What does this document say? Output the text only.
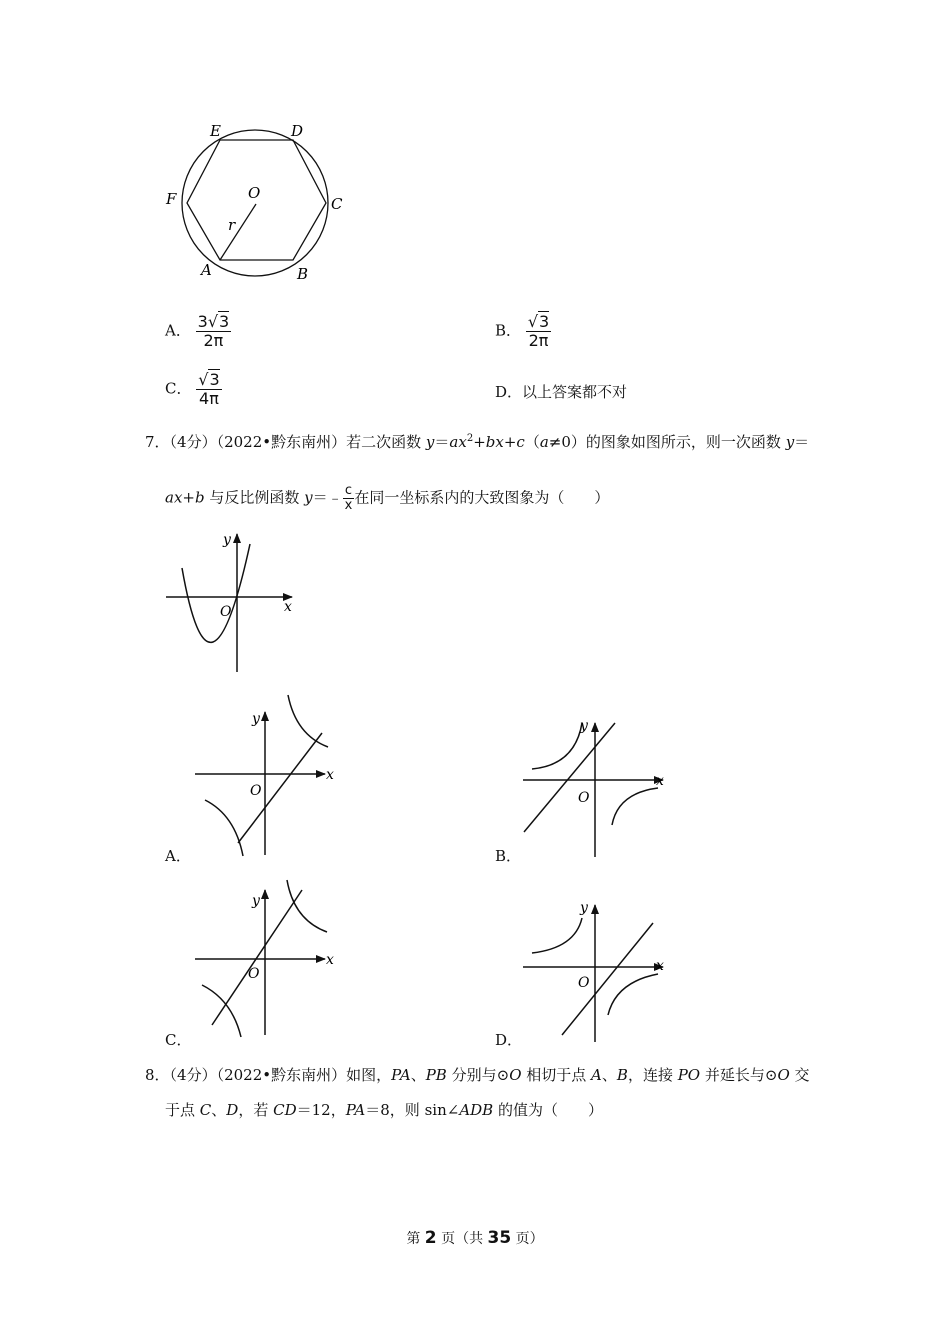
E	D
F	O
C
r
A	B
A． $\frac{3√3}{2\pi}$	B． $\frac{√3}{2\pi}$
C． $\frac{√3}{4\pi}$	D．以上答案都不对
7．（4分）（2022•黔东南州）若二次函数 $y=ax^2+bx+c(a\ne 0)$的图象如图所示，则一次函数 y＝
ax+b 与反比例函数 y＝﹣ $\frac{c}{x}$ 在同一坐标系内的大致图象为（　　）
y
x
O
y
x
O
A．
y
x
O
B．
y
x
O
C．
y
x
O
D．
8．（4分）（2022•黔东南州）如图，PA、PB 分别与⊙O 相切于点 A、B，连接 PO 并延长与⊙O 交
于点 C、D，若 CD＝12，PA＝8，则 sin∠ADB 的值为（　　）
第 2 页（共 35 页）
